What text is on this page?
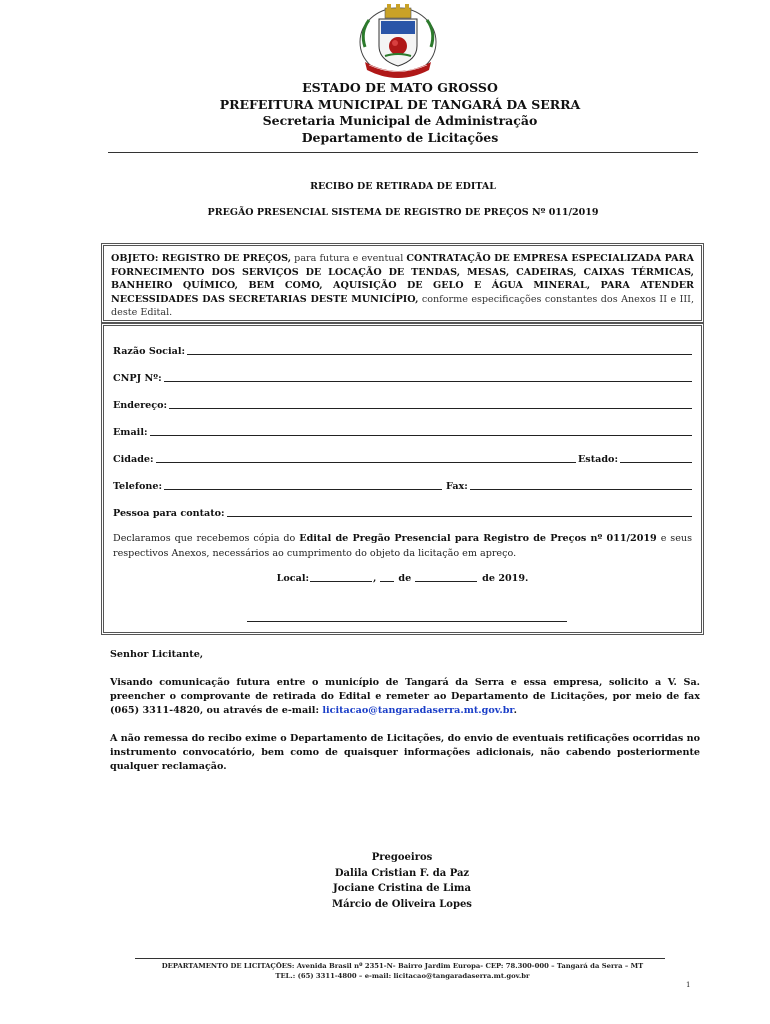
ESTADO DE MATO GROSSO
PREFEITURA MUNICIPAL DE TANGARÁ DA SERRA
Secretaria Municipal de Administração
Departamento de Licitações
RECIBO DE RETIRADA DE EDITAL
PREGÃO PRESENCIAL SISTEMA DE REGISTRO DE PREÇOS Nº 011/2019
OBJETO: REGISTRO DE PREÇOS, para futura e eventual CONTRATAÇÃO DE EMPRESA ESPECIALIZADA PARA FORNECIMENTO DOS SERVIÇOS DE LOCAÇÃO DE TENDAS, MESAS, CADEIRAS, CAIXAS TÉRMICAS, BANHEIRO QUÍMICO, BEM COMO, AQUISIÇÃO DE GELO E ÁGUA MINERAL, PARA ATENDER NECESSIDADES DAS SECRETARIAS DESTE MUNICÍPIO, conforme especificações constantes dos Anexos II e III, deste Edital.
Razão Social:
CNPJ Nº:
Endereço:
Email:
Cidade:	Estado:
Telefone:	Fax:
Pessoa para contato:
Declaramos que recebemos cópia do Edital de Pregão Presencial para Registro de Preços nº 011/2019 e seus respectivos Anexos, necessários ao cumprimento do objeto da licitação em apreço.
Local:	, de	de 2019.

Senhor Licitante,

Visando comunicação futura entre o município de Tangará da Serra e essa empresa, solicito a V. Sa. preencher o comprovante de retirada do Edital e remeter ao Departamento de Licitações, por meio de fax (065) 3311-4820, ou através de e-mail: licitacao@tangaradaserra.mt.gov.br.

A não remessa do recibo exime o Departamento de Licitações, do envio de eventuais retificações ocorridas no instrumento convocatório, bem como de quaisquer informações adicionais, não cabendo posteriormente qualquer reclamação.

Pregoeiros
Dalila Cristian F. da Paz
Jociane Cristina de Lima
Márcio de Oliveira Lopes
DEPARTAMENTO DE LICITAÇÕES: Avenida Brasil nº 2351-N- Bairro Jardim Europa- CEP: 78.300-000 – Tangará da Serra – MT
TEL.: (65) 3311-4800 – e-mail: licitacao@tangaradaserra.mt.gov.br
1
